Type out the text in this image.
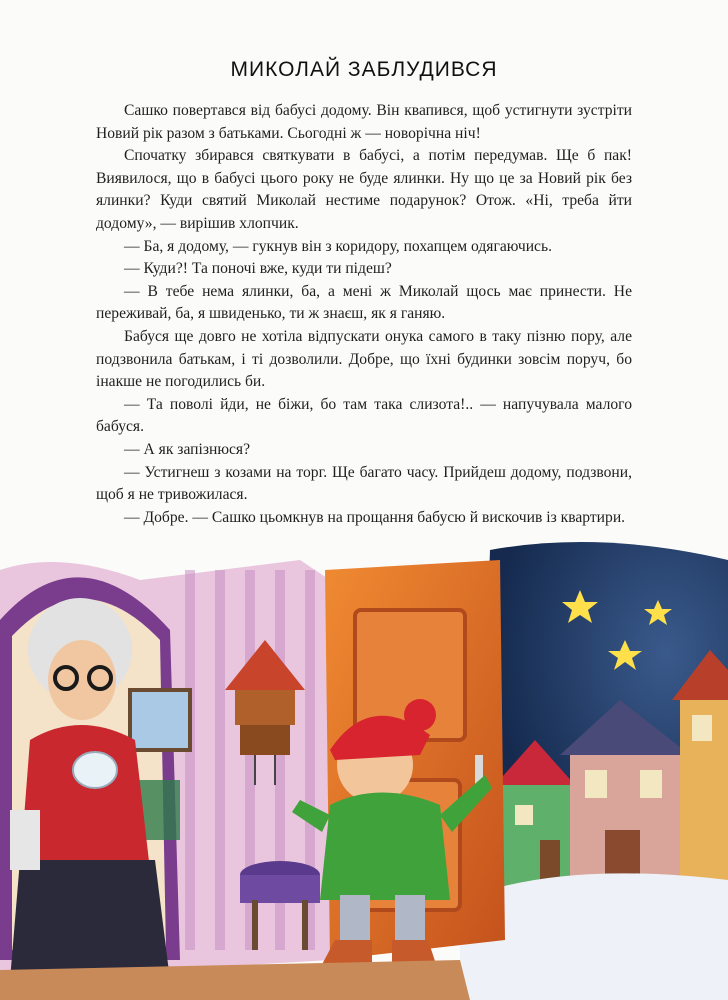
МИКОЛАЙ ЗАБЛУДИВСЯ

Сашко повертався від бабусі додому. Він квапився, щоб устигнути зустріти Новий рік разом з батьками. Сьогодні ж — новорічна ніч!

Спочатку збирався святкувати в бабусі, а потім передумав. Ще б пак! Виявилося, що в бабусі цього року не буде ялинки. Ну що це за Новий рік без ялинки? Куди святий Миколай нестиме подарунок? Отож. «Ні, треба йти додому», — вирішив хлопчик.

— Ба, я додому, — гукнув він з коридору, похапцем одягаючись.

— Куди?! Та поночі вже, куди ти підеш?

— В тебе нема ялинки, ба, а мені ж Миколай щось має принести. Не переживай, ба, я швиденько, ти ж знаєш, як я ганяю.

Бабуся ще довго не хотіла відпускати онука самого в таку пізню пору, але подзвонила батькам, і ті дозволили. Добре, що їхні будинки зовсім поруч, бо інакше не погодились би.

— Та поволі йди, не біжи, бо там така слизота!.. — напучувала малого бабуся.

— А як запізнюся?

— Устигнеш з козами на торг. Ще багато часу. Прийдеш додому, подзвони, щоб я не тривожилася.

— Добре. — Сашко цьомкнув на прощання бабусю й вискочив із квартири.
